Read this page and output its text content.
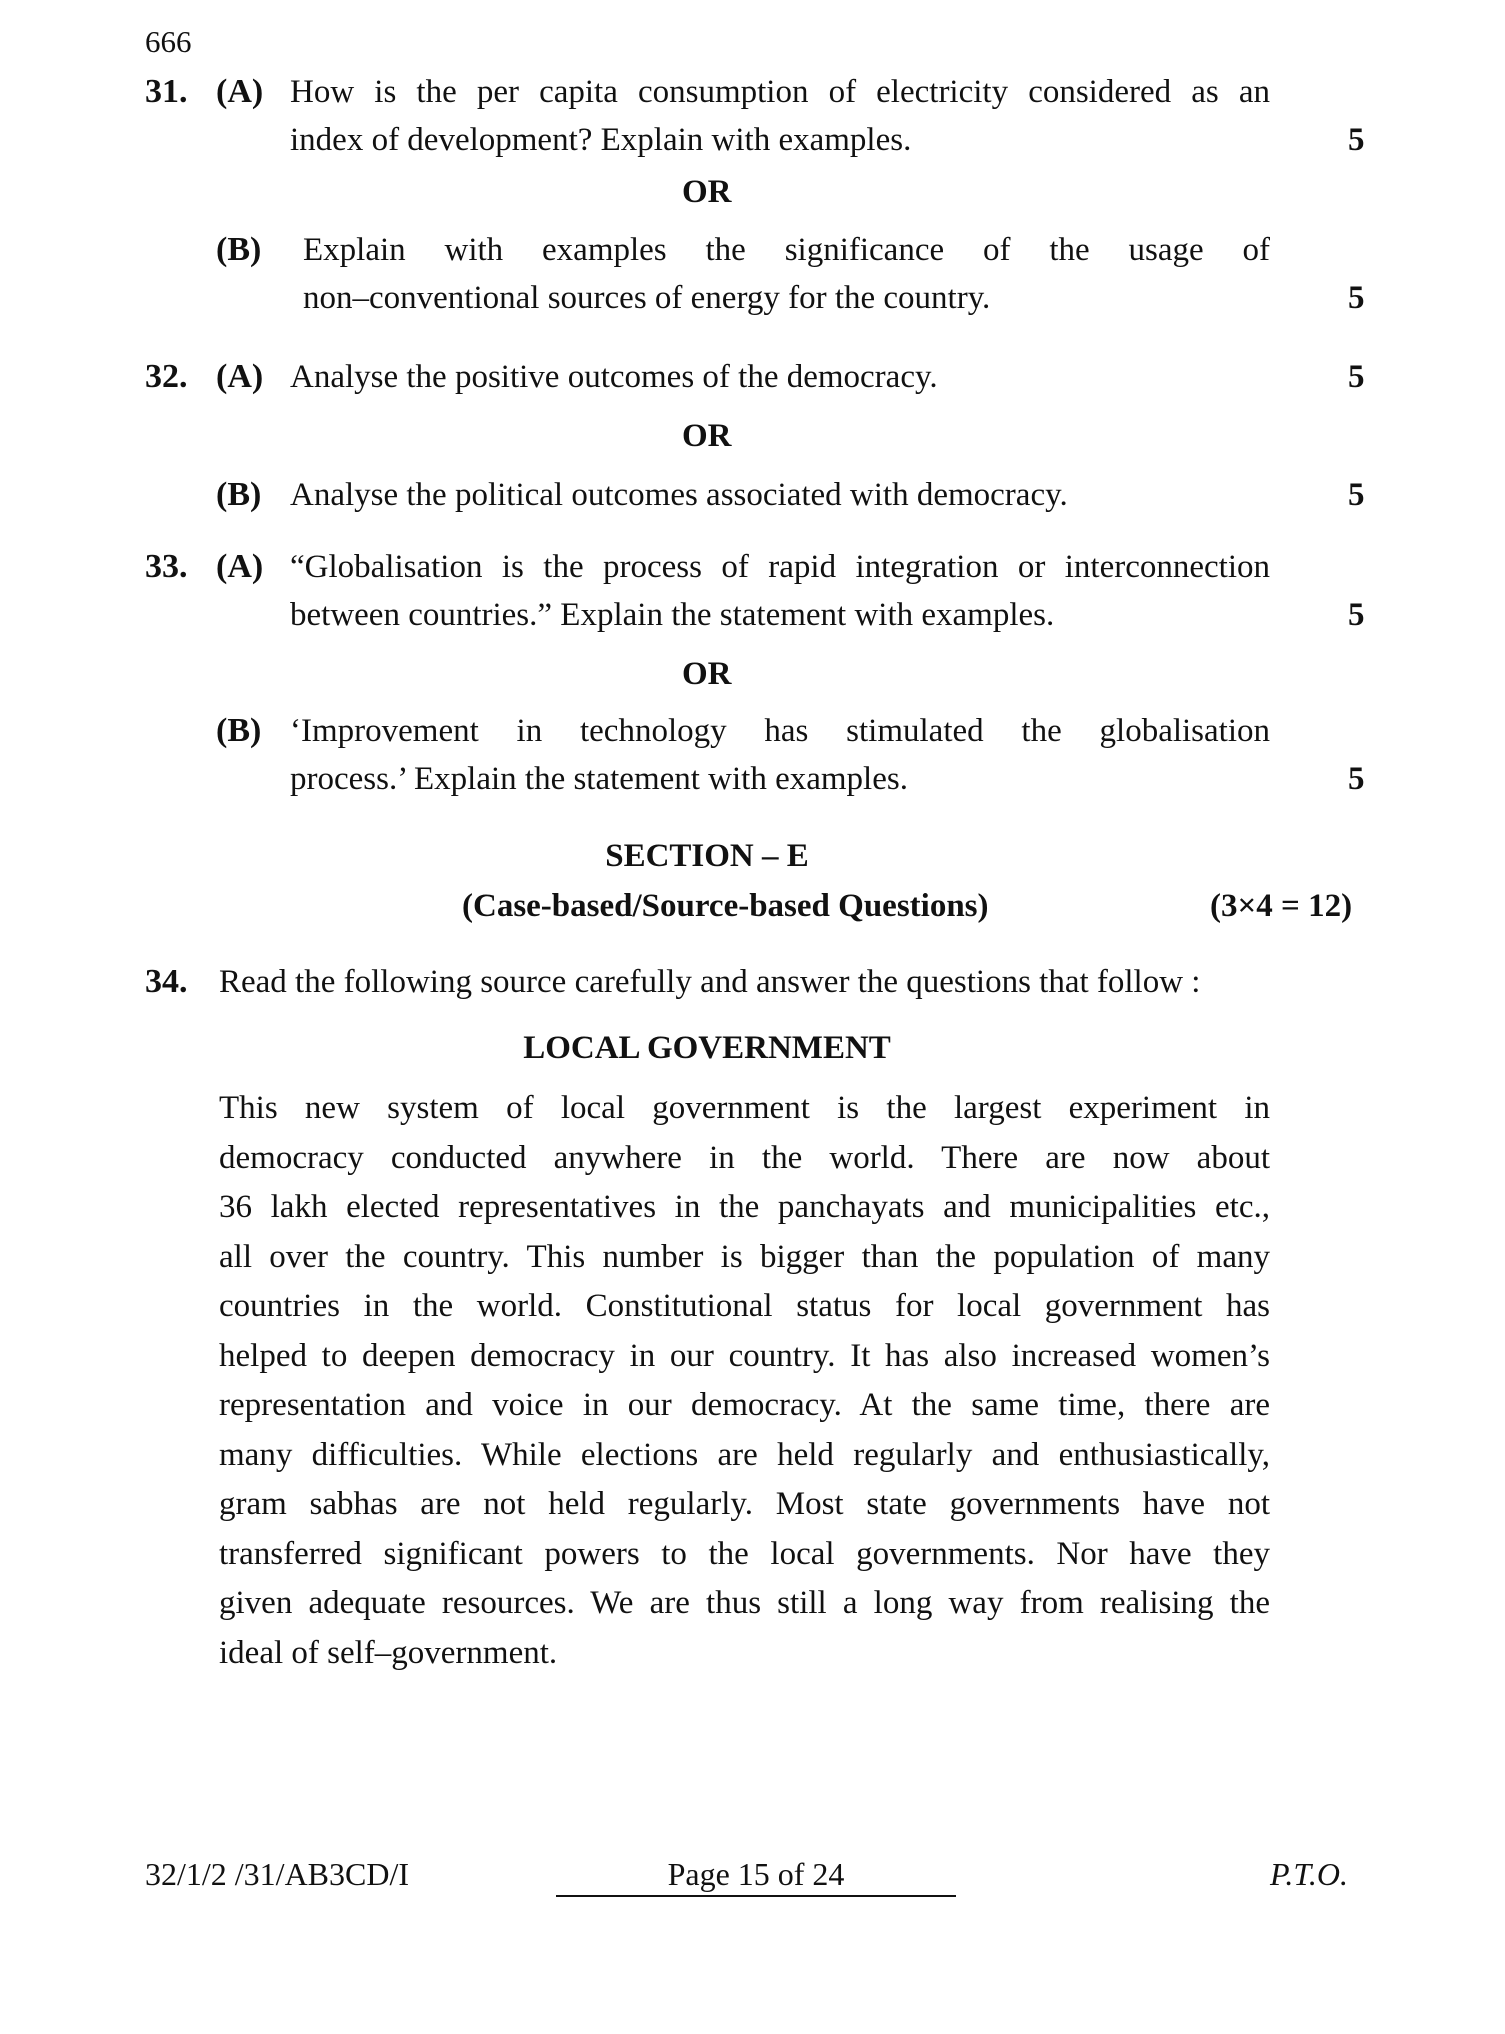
666
31. (A) How is the per capita consumption of electricity considered as an
index of development? Explain with examples.	5
OR
(B) Explain with examples the significance of the usage of
non–conventional sources of energy for the country.	5
32. (A) Analyse the positive outcomes of the democracy.	5
OR
(B) Analyse the political outcomes associated with democracy.	5
33. (A) “Globalisation is the process of rapid integration or interconnection
between countries.” Explain the statement with examples.	5
OR
(B) ‘Improvement in technology has stimulated the globalisation
process.’ Explain the statement with examples.	5
SECTION – E
(Case-based/Source-based Questions)	(3×4 = 12)
34. Read the following source carefully and answer the questions that follow :
LOCAL GOVERNMENT
This new system of local government is the largest experiment in
democracy conducted anywhere in the world. There are now about
36 lakh elected representatives in the panchayats and municipalities etc.,
all over the country. This number is bigger than the population of many
countries in the world. Constitutional status for local government has
helped to deepen democracy in our country. It has also increased women’s
representation and voice in our democracy. At the same time, there are
many difficulties. While elections are held regularly and enthusiastically,
gram sabhas are not held regularly. Most state governments have not
transferred significant powers to the local governments. Nor have they
given adequate resources. We are thus still a long way from realising the
ideal of self–government.
32/1/2 /31/AB3CD/I	Page 15 of 24	P.T.O.
